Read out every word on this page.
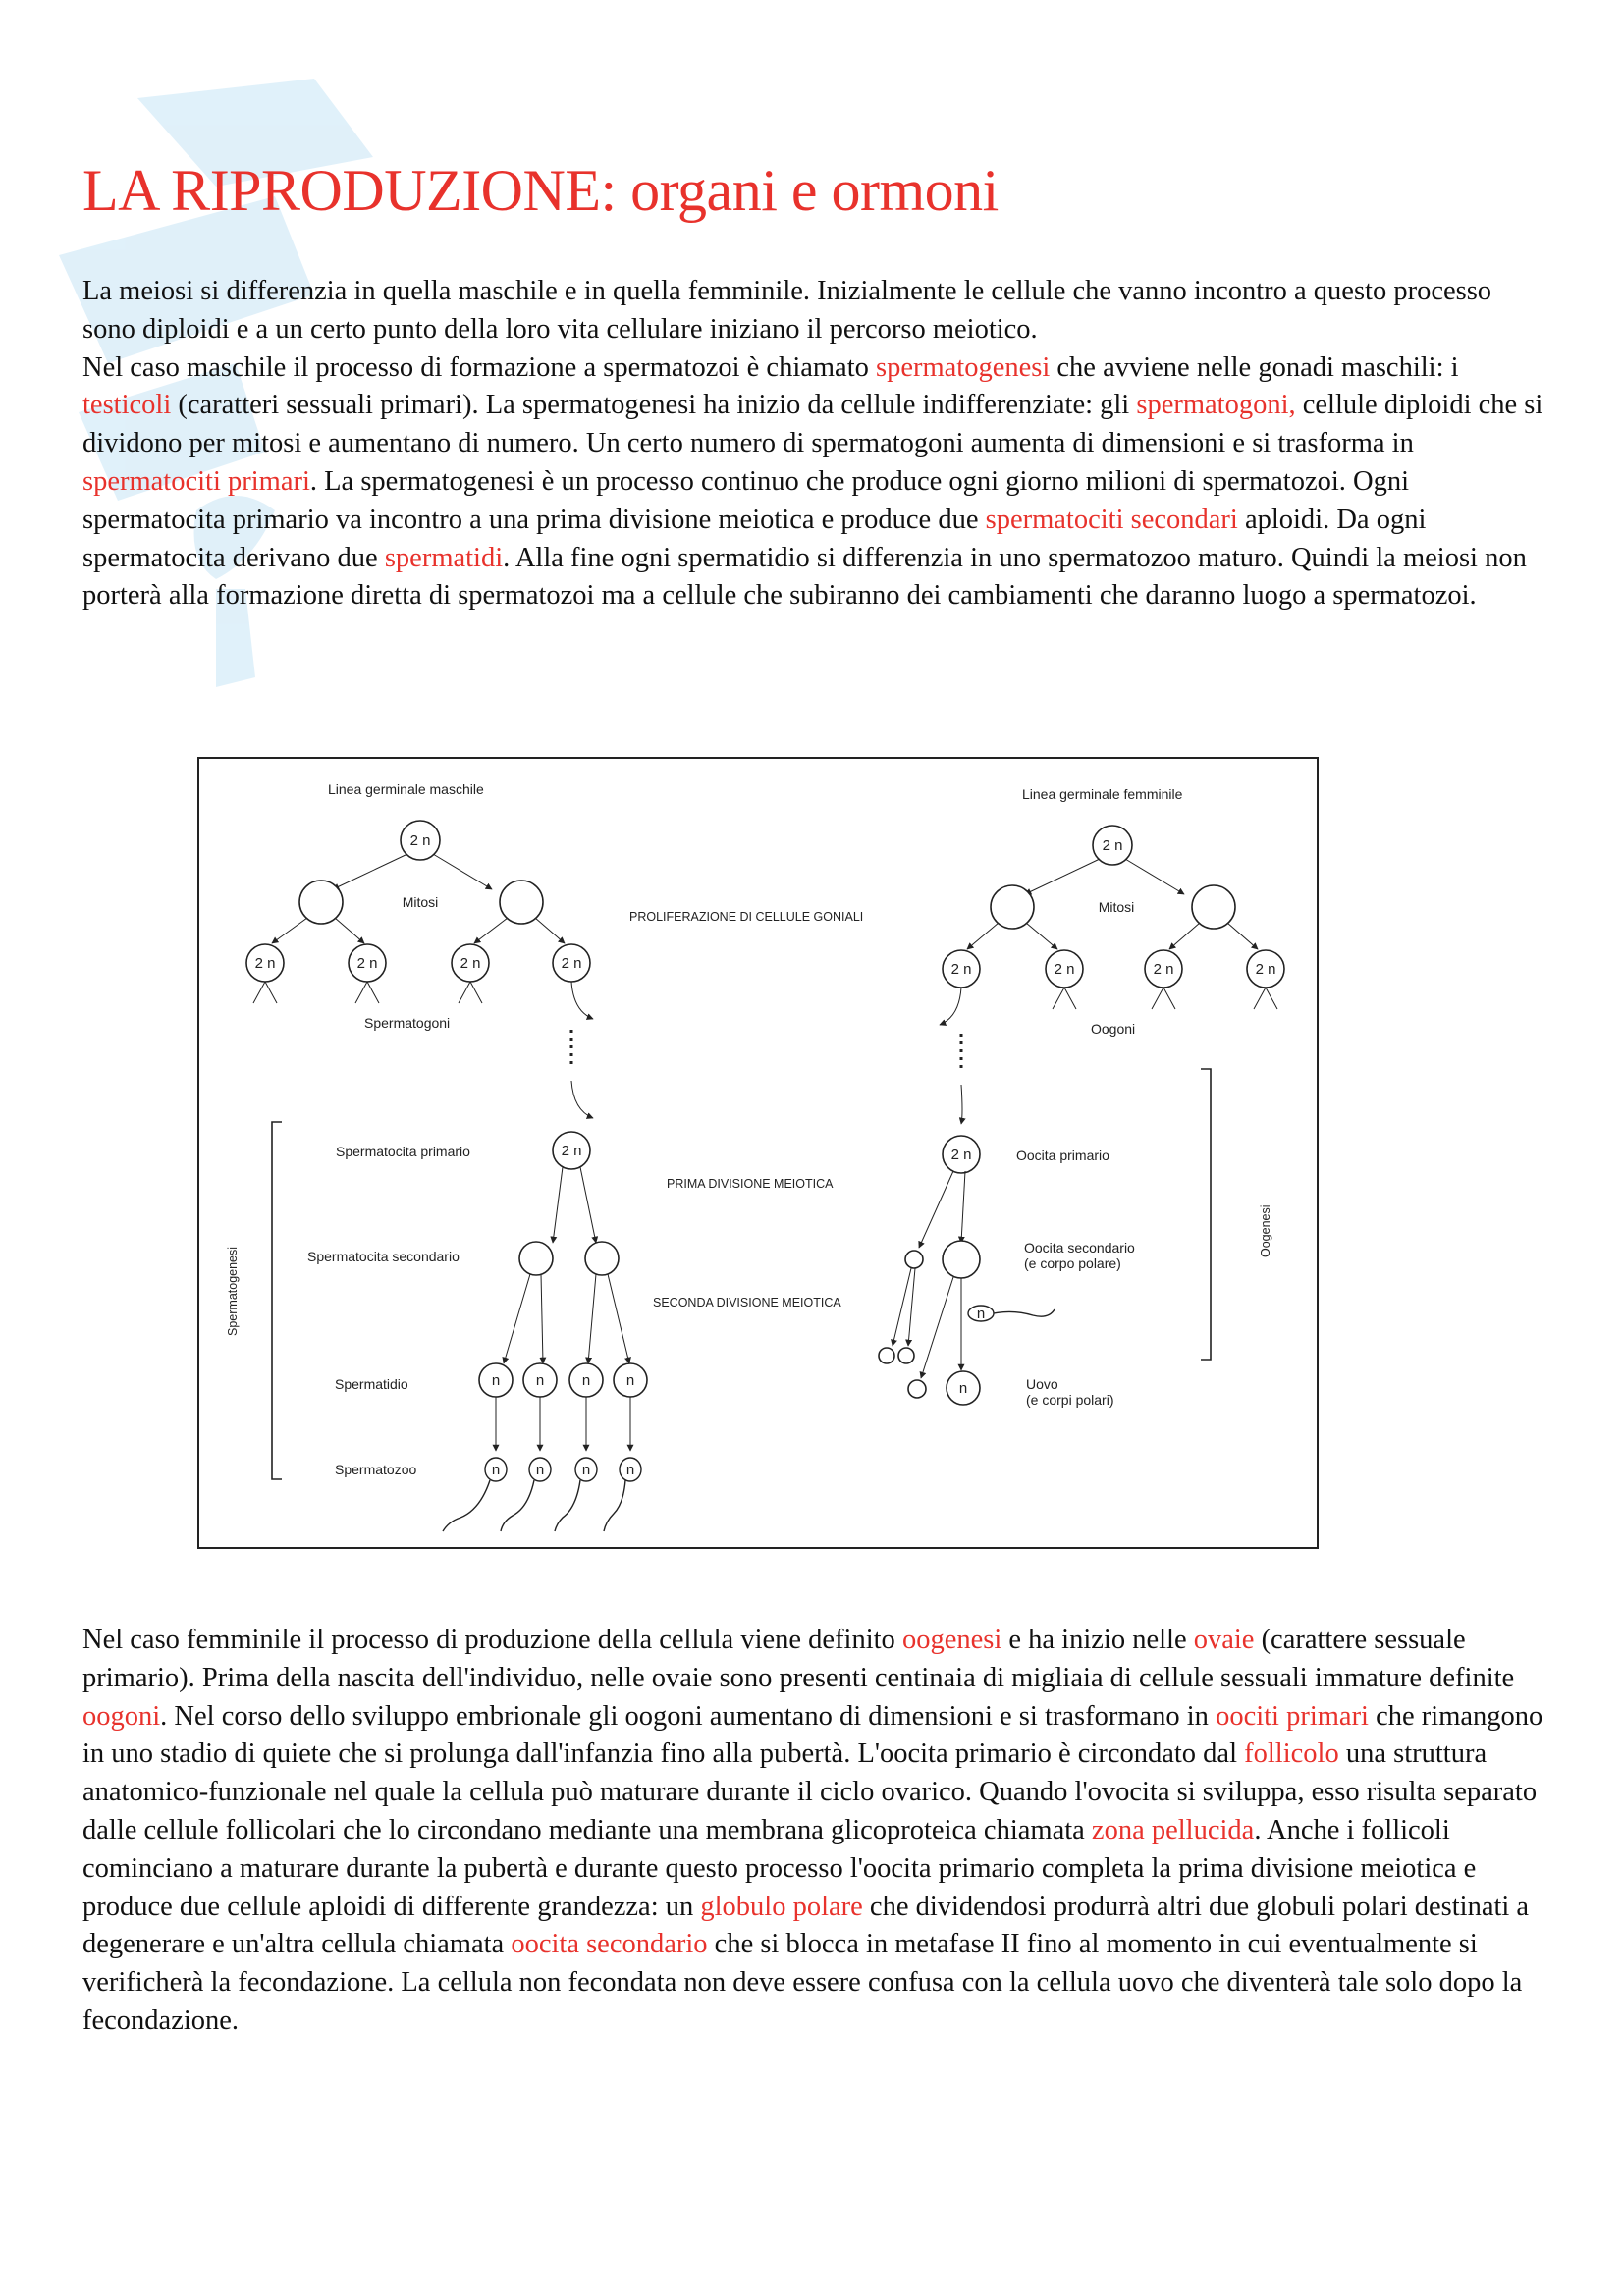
LA RIPRODUZIONE: organi e ormoni

La meiosi si differenzia in quella maschile e in quella femminile. Inizialmente le cellule che vanno incontro a questo processo sono diploidi e a un certo punto della loro vita cellulare iniziano il percorso meiotico.
Nel caso maschile il processo di formazione a spermatozoi è chiamato spermatogenesi che avviene nelle gonadi maschili: i testicoli (caratteri sessuali primari). La spermatogenesi ha inizio da cellule indifferenziate: gli spermatogoni, cellule diploidi che si dividono per mitosi e aumentano di numero. Un certo numero di spermatogoni aumenta di dimensioni e si trasforma in spermatociti primari. La spermatogenesi è un processo continuo che produce ogni giorno milioni di spermatozoi. Ogni spermatocita primario va incontro a una prima divisione meiotica e produce due spermatociti secondari aploidi. Da ogni spermatocita derivano due spermatidi. Alla fine ogni spermatidio si differenzia in uno spermatozoo maturo. Quindi la meiosi non porterà alla formazione diretta di spermatozoi ma a cellule che subiranno dei cambiamenti che daranno luogo a spermatozoi.

Linea germinale maschile
2 n
Mitosi
2 n	2 n	2 n	2 n
Spermatogoni
Spermatogenesi
Spermatocita primario	2 n
Spermatocita secondario
n n	n n
Spermatidio
n n	n n
Spermatozoo
PROLIFERAZIONE DI CELLULE GONIALI
PRIMA DIVISIONE MEIOTICA
SECONDA DIVISIONE MEIOTICA
Linea germinale femminile
2 n
Mitosi
2 n	2 n	2 n	2 n
Oogoni
Oogenesi
2 n	Oocita primario
Oocita secondario
(e corpo polare)
n
n	Uovo
(e corpi polari)

Nel caso femminile il processo di produzione della cellula viene definito oogenesi e ha inizio nelle ovaie (carattere sessuale primario). Prima della nascita dell'individuo, nelle ovaie sono presenti centinaia di migliaia di cellule sessuali immature definite oogoni. Nel corso dello sviluppo embrionale gli oogoni aumentano di dimensioni e si trasformano in oociti primari che rimangono in uno stadio di quiete che si prolunga dall'infanzia fino alla pubertà. L'oocita primario è circondato dal follicolo una struttura anatomico-funzionale nel quale la cellula può maturare durante il ciclo ovarico. Quando l'ovocita si sviluppa, esso risulta separato dalle cellule follicolari che lo circondano mediante una membrana glicoproteica chiamata zona pellucida. Anche i follicoli cominciano a maturare durante la pubertà e durante questo processo l'oocita primario completa la prima divisione meiotica e produce due cellule aploidi di differente grandezza: un globulo polare che dividendosi produrrà altri due globuli polari destinati a degenerare e un'altra cellula chiamata oocita secondario che si blocca in metafase II fino al momento in cui eventualmente si verificherà la fecondazione. La cellula non fecondata non deve essere confusa con la cellula uovo che diventerà tale solo dopo la fecondazione.
